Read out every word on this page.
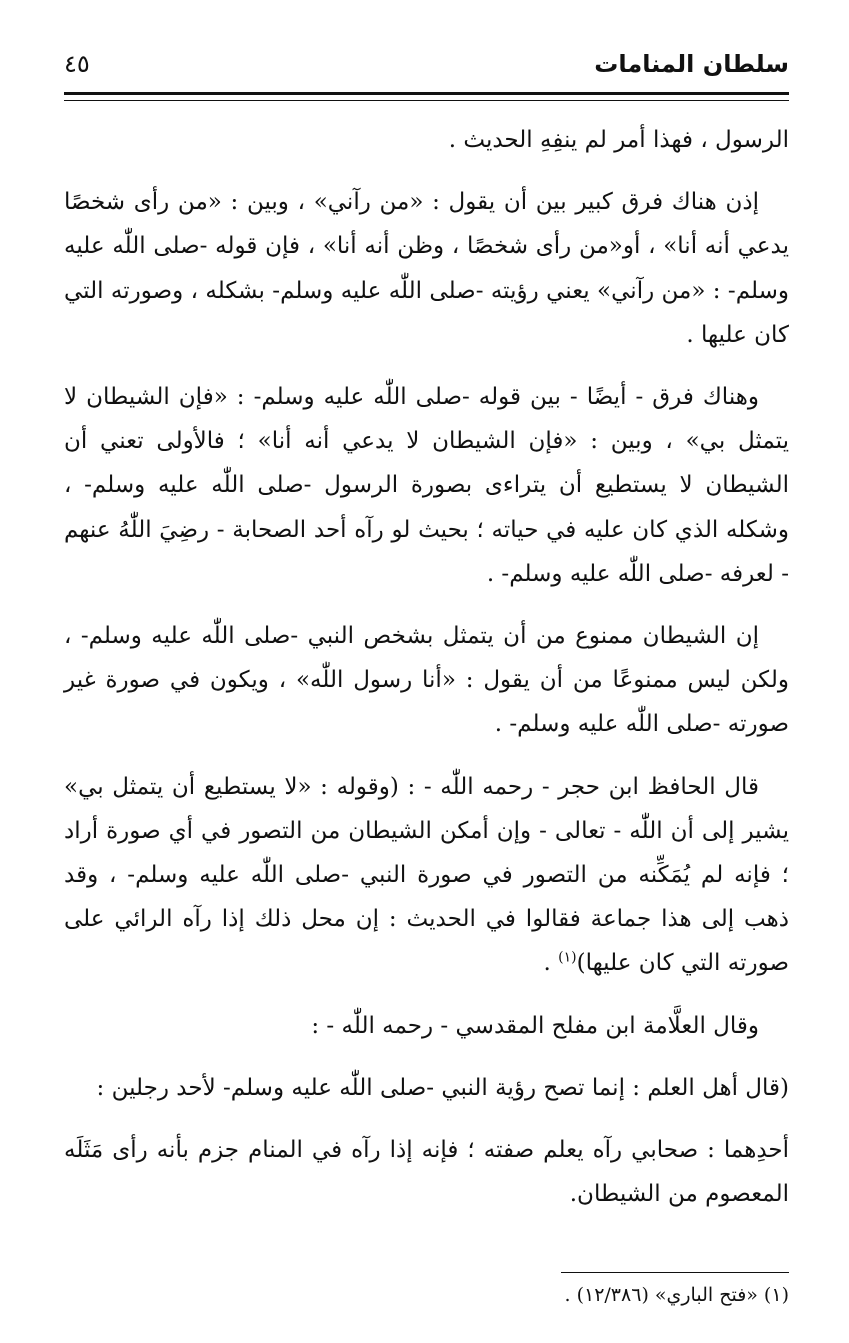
سلطان المنامات
٤٥

الرسول ، فهذا أمر لم ينفِهِ الحديث .

إذن هناك فرق كبير بين أن يقول : «من رآني» ، وبين : «من رأى شخصًا يدعي أنه أنا» ، أو«من رأى شخصًا ، وظن أنه أنا» ، فإن قوله -صلى اللّٰه عليه وسلم- : «من رآني» يعني رؤيته -صلى اللّٰه عليه وسلم- بشكله ، وصورته التي كان عليها .

وهناك فرق - أيضًا - بين قوله -صلى اللّٰه عليه وسلم- : «فإن الشيطان لا يتمثل بي» ، وبين : «فإن الشيطان لا يدعي أنه أنا» ؛ فالأولى تعني أن الشيطان لا يستطيع أن يتراءى بصورة الرسول -صلى اللّٰه عليه وسلم- ، وشكله الذي كان عليه في حياته ؛ بحيث لو رآه أحد الصحابة - رضِيَ اللّٰهُ عنهم - لعرفه -صلى اللّٰه عليه وسلم- .

إن الشيطان ممنوع من أن يتمثل بشخص النبي -صلى اللّٰه عليه وسلم- ، ولكن ليس ممنوعًا من أن يقول : «أنا رسول اللّٰه» ، ويكون في صورة غير صورته -صلى اللّٰه عليه وسلم- .

قال الحافظ ابن حجر - رحمه اللّٰه - : (وقوله : «لا يستطيع أن يتمثل بي» يشير إلى أن اللّٰه - تعالى - وإن أمكن الشيطان من التصور في أي صورة أراد ؛ فإنه لم يُمَكِّنه من التصور في صورة النبي -صلى اللّٰه عليه وسلم- ، وقد ذهب إلى هذا جماعة فقالوا في الحديث : إن محل ذلك إذا رآه الرائي على صورته التي كان عليها)$^{(١)}$ .

وقال العلَّامة ابن مفلح المقدسي - رحمه اللّٰه - :

(قال أهل العلم : إنما تصح رؤية النبي -صلى اللّٰه عليه وسلم- لأحد رجلين :

أحدِهما : صحابي رآه يعلم صفته ؛ فإنه إذا رآه في المنام جزم بأنه رأى مَثَلَه المعصوم من الشيطان.

(١) «فتح الباري» (١٢/٣٨٦) .
